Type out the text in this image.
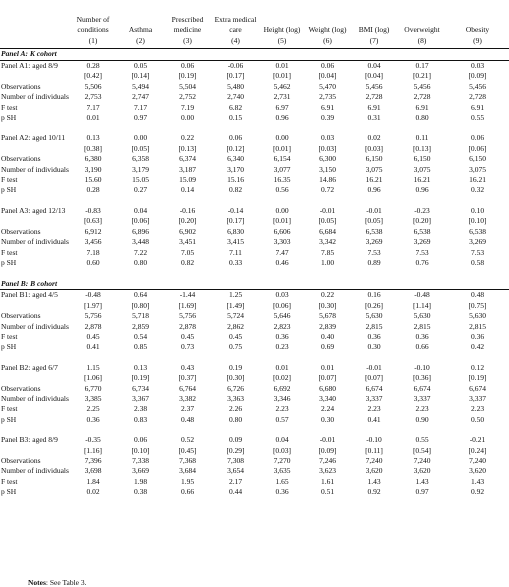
	Number of conditions	Asthma	Prescribed medicine	Extra medical care	Height (log)	Weight (log)	BMI (log)	Overweight	Obesity
	(1)	(2)	(3)	(4)	(5)	(6)	(7)	(8)	(9)
Panel A: K cohort									
Panel A1: aged 8/9	0.28	0.05	0.06	-0.06	0.01	0.06	0.04	0.17	0.03
	[0.42]	[0.14]	[0.19]	[0.17]	[0.01]	[0.04]	[0.04]	[0.21]	[0.09]
Observations	5,506	5,494	5,504	5,480	5,462	5,470	5,456	5,456	5,456
Number of individuals	2,753	2,747	2,752	2,740	2,731	2,735	2,728	2,728	2,728
F test	7.17	7.17	7.19	6.82	6.97	6.91	6.91	6.91	6.91
p SH	0.01	0.97	0.00	0.15	0.96	0.39	0.31	0.80	0.55

Panel A2: aged 10/11	0.13	0.00	0.22	0.06	0.00	0.03	0.02	0.11	0.06
	[0.38]	[0.05]	[0.13]	[0.12]	[0.01]	[0.03]	[0.03]	[0.13]	[0.06]
Observations	6,380	6,358	6,374	6,340	6,154	6,300	6,150	6,150	6,150
Number of individuals	3,190	3,179	3,187	3,170	3,077	3,150	3,075	3,075	3,075
F test	15.60	15.05	15.09	15.16	16.35	14.86	16.21	16.21	16.21
p SH	0.28	0.27	0.14	0.82	0.56	0.72	0.96	0.96	0.32

Panel A3: aged 12/13	-0.83	0.04	-0.16	-0.14	0.00	-0.01	-0.01	-0.23	0.10
	[0.63]	[0.06]	[0.20]	[0.17]	[0.01]	[0.05]	[0.05]	[0.20]	[0.10]
Observations	6,912	6,896	6,902	6,830	6,606	6,684	6,538	6,538	6,538
Number of individuals	3,456	3,448	3,451	3,415	3,303	3,342	3,269	3,269	3,269
F test	7.18	7.22	7.05	7.11	7.47	7.85	7.53	7.53	7.53
p SH	0.60	0.80	0.82	0.33	0.46	1.00	0.89	0.76	0.58

Panel B: B cohort									
Panel B1: aged 4/5	-0.48	0.64	-1.44	1.25	0.03	0.22	0.16	-0.48	0.48
	[1.97]	[0.80]	[1.69]	[1.49]	[0.06]	[0.30]	[0.26]	[1.14]	[0.75]
Observations	5,756	5,718	5,756	5,724	5,646	5,678	5,630	5,630	5,630
Number of individuals	2,878	2,859	2,878	2,862	2,823	2,839	2,815	2,815	2,815
F test	0.45	0.54	0.45	0.45	0.36	0.40	0.36	0.36	0.36
p SH	0.41	0.85	0.73	0.75	0.23	0.69	0.30	0.66	0.42

Panel B2: aged 6/7	1.15	0.13	0.43	0.19	0.01	0.01	-0.01	-0.10	0.12
	[1.06]	[0.19]	[0.37]	[0.30]	[0.02]	[0.07]	[0.07]	[0.36]	[0.19]
Observations	6,770	6,734	6,764	6,726	6,692	6,680	6,674	6,674	6,674
Number of individuals	3,385	3,367	3,382	3,363	3,346	3,340	3,337	3,337	3,337
F test	2.25	2.38	2.37	2.26	2.23	2.24	2.23	2.23	2.23
p SH	0.36	0.83	0.48	0.80	0.57	0.30	0.41	0.90	0.50

Panel B3: aged 8/9	-0.35	0.06	0.52	0.09	0.04	-0.01	-0.10	0.55	-0.21
	[1.16]	[0.10]	[0.45]	[0.29]	[0.03]	[0.09]	[0.11]	[0.54]	[0.24]
Observations	7,396	7,338	7,368	7,308	7,270	7,246	7,240	7,240	7,240
Number of individuals	3,698	3,669	3,684	3,654	3,635	3,623	3,620	3,620	3,620
F test	1.84	1.98	1.95	2.17	1.65	1.61	1.43	1.43	1.43
p SH	0.02	0.38	0.66	0.44	0.36	0.51	0.92	0.97	0.92
Notes: See Table 3.
